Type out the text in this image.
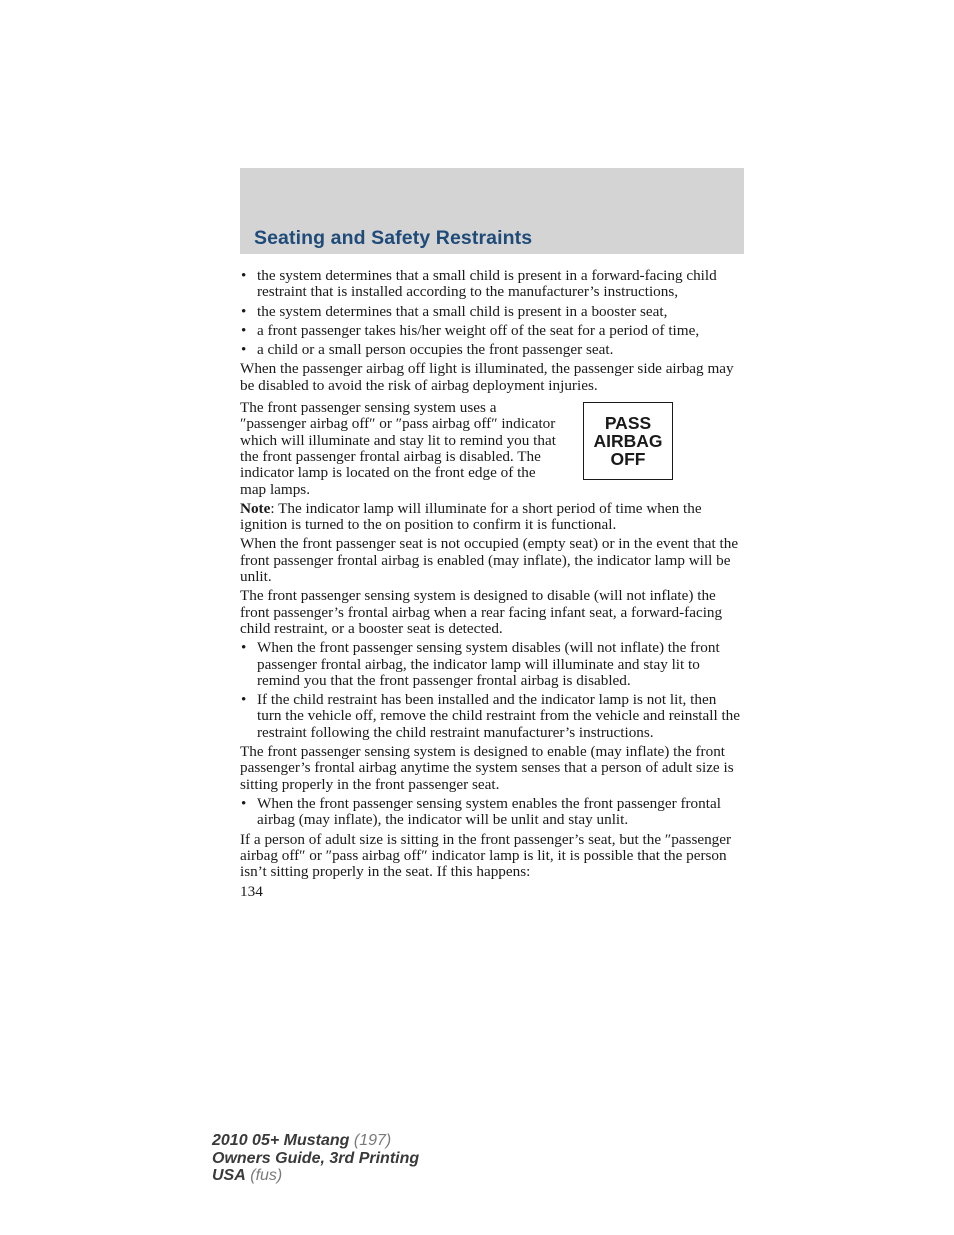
Seating and Safety Restraints
• the system determines that a small child is present in a forward-facing child restraint that is installed according to the manufacturer’s instructions,
• the system determines that a small child is present in a booster seat,
• a front passenger takes his/her weight off of the seat for a period of time,
• a child or a small person occupies the front passenger seat.

When the passenger airbag off light is illuminated, the passenger side airbag may be disabled to avoid the risk of airbag deployment injuries.

PASS
AIRBAG
OFF

The front passenger sensing system uses a ″passenger airbag off″ or ″pass airbag off″ indicator which will illuminate and stay lit to remind you that the front passenger frontal airbag is disabled. The indicator lamp is located on the front edge of the map lamps.

Note: The indicator lamp will illuminate for a short period of time when the ignition is turned to the on position to confirm it is functional.

When the front passenger seat is not occupied (empty seat) or in the event that the front passenger frontal airbag is enabled (may inflate), the indicator lamp will be unlit.

The front passenger sensing system is designed to disable (will not inflate) the front passenger’s frontal airbag when a rear facing infant seat, a forward-facing child restraint, or a booster seat is detected.

• When the front passenger sensing system disables (will not inflate) the front passenger frontal airbag, the indicator lamp will illuminate and stay lit to remind you that the front passenger frontal airbag is disabled.
• If the child restraint has been installed and the indicator lamp is not lit, then turn the vehicle off, remove the child restraint from the vehicle and reinstall the restraint following the child restraint manufacturer’s instructions.

The front passenger sensing system is designed to enable (may inflate) the front passenger’s frontal airbag anytime the system senses that a person of adult size is sitting properly in the front passenger seat.

• When the front passenger sensing system enables the front passenger frontal airbag (may inflate), the indicator will be unlit and stay unlit.

If a person of adult size is sitting in the front passenger’s seat, but the ″passenger airbag off″ or ″pass airbag off″ indicator lamp is lit, it is possible that the person isn’t sitting properly in the seat. If this happens:

134
2010 05+ Mustang (197)
Owners Guide, 3rd Printing
USA (fus)
